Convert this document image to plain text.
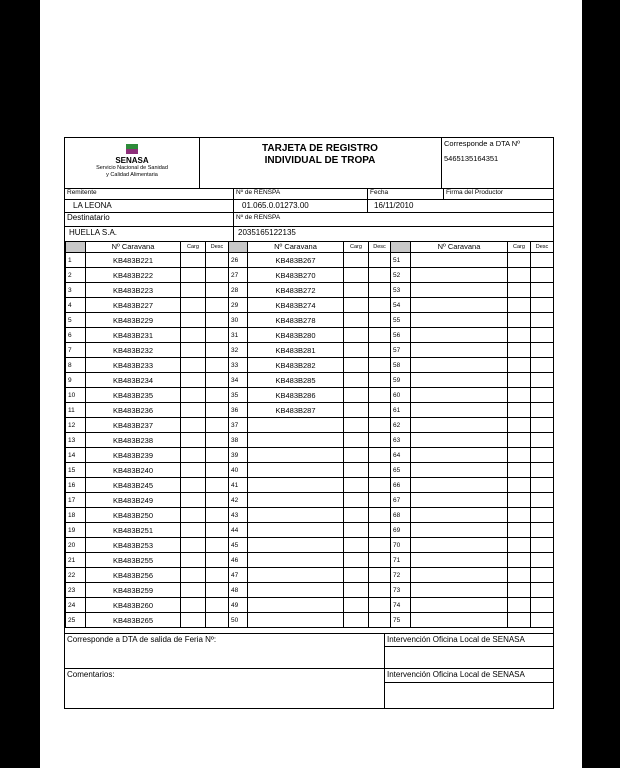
SENASA
Servicio Nacional de Sanidad
y Calidad Alimentaria
TARJETA DE REGISTRO
INDIVIDUAL DE TROPA
Corresponde a DTA Nº
5465135164351
Remitente
LA LEONA
Nº de RENSPA
01.065.0.01273.00
Fecha
16/11/2010
Firma del Productor
Destinatario	Nº de RENSPA
HUELLA S.A.	2035165122135
	Nº Caravana	Carg	Desc		Nº Caravana	Carg	Desc		Nº Caravana	Carg	Desc
1	KB483B221			26	KB483B267			51			
2	KB483B222			27	KB483B270			52			
3	KB483B223			28	KB483B272			53			
4	KB483B227			29	KB483B274			54			
5	KB483B229			30	KB483B278			55			
6	KB483B231			31	KB483B280			56			
7	KB483B232			32	KB483B281			57			
8	KB483B233			33	KB483B282			58			
9	KB483B234			34	KB483B285			59			
10	KB483B235			35	KB483B286			60			
11	KB483B236			36	KB483B287			61			
12	KB483B237			37				62			
13	KB483B238			38				63			
14	KB483B239			39				64			
15	KB483B240			40				65			
16	KB483B245			41				66			
17	KB483B249			42				67			
18	KB483B250			43				68			
19	KB483B251			44				69			
20	KB483B253			45				70			
21	KB483B255			46				71			
22	KB483B256			47				72			
23	KB483B259			48				73			
24	KB483B260			49				74			
25	KB483B265			50				75			
Corresponde a DTA de salida de Feria Nº:	Intervención Oficina Local de SENASA
Comentarios:	Intervención Oficina Local de SENASA
